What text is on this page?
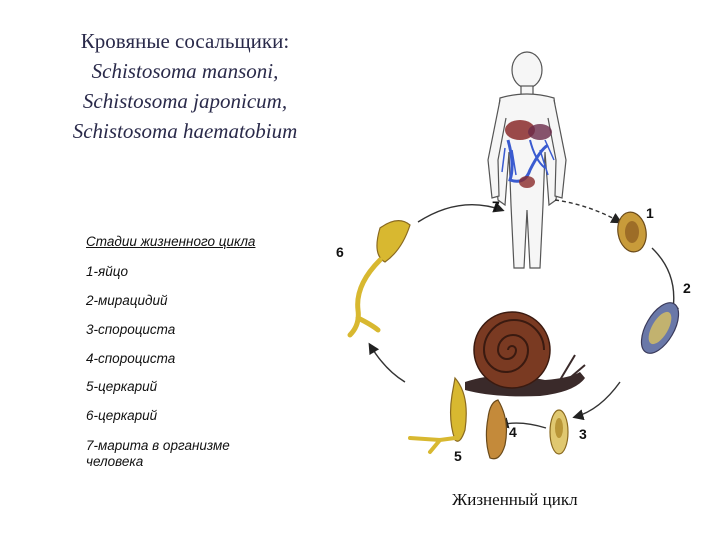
Кровяные сосальщики:
Schistosoma mansoni,
Schistosoma japonicum,
Schistosoma haematobium
Стадии жизненного цикла
1-яйцо
2-мирацидий
3-спороциста
4-спороциста
5-церкарий
6-церкарий
7-марита в организме человека
7	1
2
6
4	3
5
Жизненный цикл
